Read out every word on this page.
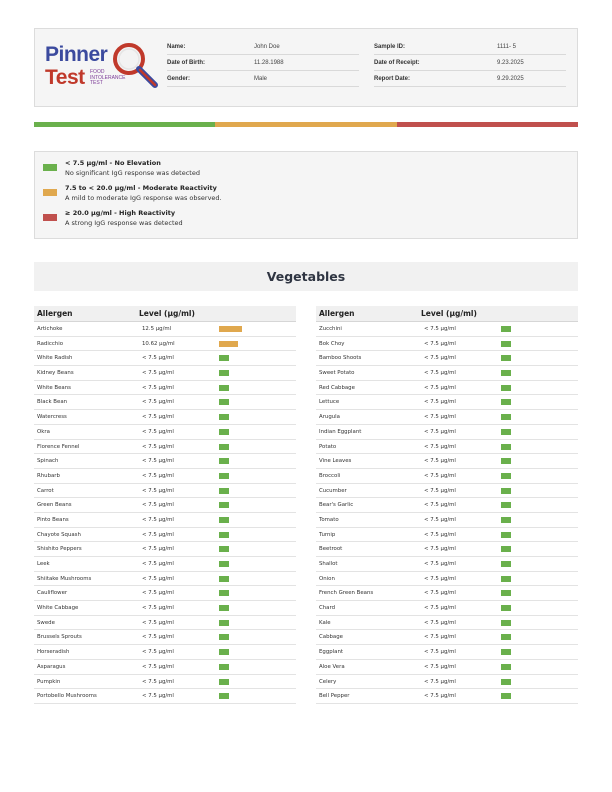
Pinner
Test FOOD
INTOLERANCE
TEST
Name:	John Doe
Date of Birth:	11.28.1988
Gender:	Male
Sample ID:	1111- 5
Date of Receipt:	9.23.2025
Report Date:	9.29.2025
< 7.5 µg/ml - No Elevation
No significant IgG response was detected
7.5 to < 20.0 µg/ml - Moderate Reactivity
A mild to moderate IgG response was observed.
≥ 20.0 µg/ml - High Reactivity
A strong IgG response was detected
Vegetables
Allergen	Level (µg/ml)
Artichoke	12.5 µg/ml
Radicchio	10.62 µg/ml
White Radish	< 7.5 µg/ml
Kidney Beans	< 7.5 µg/ml
White Beans	< 7.5 µg/ml
Black Bean	< 7.5 µg/ml
Watercress	< 7.5 µg/ml
Okra	< 7.5 µg/ml
Florence Fennel	< 7.5 µg/ml
Spinach	< 7.5 µg/ml
Rhubarb	< 7.5 µg/ml
Carrot	< 7.5 µg/ml
Green Beans	< 7.5 µg/ml
Pinto Beans	< 7.5 µg/ml
Chayote Squash	< 7.5 µg/ml
Shishito Peppers	< 7.5 µg/ml
Leek	< 7.5 µg/ml
Shiitake Mushrooms	< 7.5 µg/ml
Cauliflower	< 7.5 µg/ml
White Cabbage	< 7.5 µg/ml
Swede	< 7.5 µg/ml
Brussels Sprouts	< 7.5 µg/ml
Horseradish	< 7.5 µg/ml
Asparagus	< 7.5 µg/ml
Pumpkin	< 7.5 µg/ml
Portobello Mushrooms	< 7.5 µg/ml
Allergen	Level (µg/ml)
Zucchini	< 7.5 µg/ml
Bok Choy	< 7.5 µg/ml
Bamboo Shoots	< 7.5 µg/ml
Sweet Potato	< 7.5 µg/ml
Red Cabbage	< 7.5 µg/ml
Lettuce	< 7.5 µg/ml
Arugula	< 7.5 µg/ml
Indian Eggplant	< 7.5 µg/ml
Potato	< 7.5 µg/ml
Vine Leaves	< 7.5 µg/ml
Broccoli	< 7.5 µg/ml
Cucumber	< 7.5 µg/ml
Bear's Garlic	< 7.5 µg/ml
Tomato	< 7.5 µg/ml
Turnip	< 7.5 µg/ml
Beetroot	< 7.5 µg/ml
Shallot	< 7.5 µg/ml
Onion	< 7.5 µg/ml
French Green Beans	< 7.5 µg/ml
Chard	< 7.5 µg/ml
Kale	< 7.5 µg/ml
Cabbage	< 7.5 µg/ml
Eggplant	< 7.5 µg/ml
Aloe Vera	< 7.5 µg/ml
Celery	< 7.5 µg/ml
Bell Pepper	< 7.5 µg/ml
